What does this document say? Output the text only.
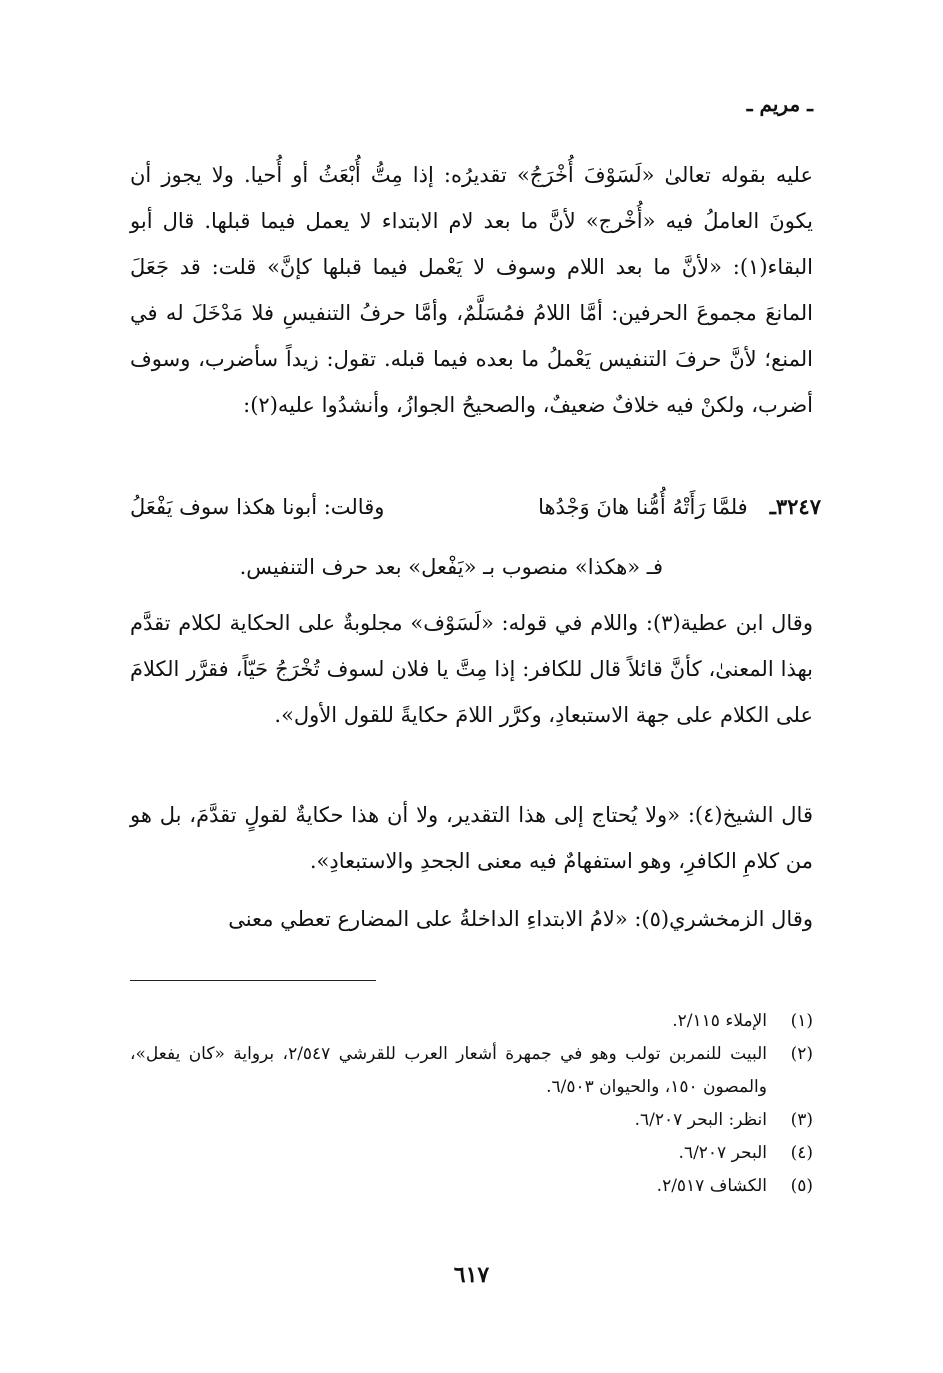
ـ مريم ـ
عليه بقوله تعالىٰ «لَسَوْفَ أُخْرَجُ» تقديرُه: إذا مِتُّ أُبْعَثُ أو أُحيا. ولا يجوز أن يكونَ العاملُ فيه «أُخْرج» لأنَّ ما بعد لام الابتداء لا يعمل فيما قبلها. قال أبو البقاء(١): «لأنَّ ما بعد اللام وسوف لا يَعْمل فيما قبلها كإنَّ» قلت: قد جَعَلَ المانعَ مجموعَ الحرفين: أمَّا اللامُ فمُسَلَّمٌ، وأمَّا حرفُ التنفيسِ فلا مَدْخَلَ له في المنع؛ لأنَّ حرفَ التنفيس يَعْملُ ما بعده فيما قبله. تقول: زيداً سأضرب، وسوف أضرب، ولكنْ فيه خلافٌ ضعيفٌ، والصحيحُ الجوازُ، وأنشدُوا عليه(٢):
٣٢٤٧ـ
فلمَّا رَأَتْهُ أُمُّنا هانَ وَجْدُها
وقالت: أبونا هكذا سوف يَفْعَلُ
فـ «هكذا» منصوب بـ «يَفْعل» بعد حرف التنفيس.
وقال ابن عطية(٣): واللام في قوله: «لَسَوْف» مجلوبةٌ على الحكاية لكلام تقدَّم بهذا المعنىٰ، كأنَّ قائلاً قال للكافر: إذا مِتَّ يا فلان لسوف تُخْرَجُ حَيّاً، فقرَّر الكلامَ على الكلام على جهة الاستبعادِ، وكرَّر اللامَ حكايةً للقول الأول».
قال الشيخ(٤): «ولا يُحتاج إلى هذا التقدير، ولا أن هذا حكايةٌ لقولٍ تقدَّمَ، بل هو من كلامِ الكافرِ، وهو استفهامٌ فيه معنى الجحدِ والاستبعادِ».
وقال الزمخشري(٥): «لامُ الابتداءِ الداخلةُ على المضارع تعطي معنى
(١)
الإملاء ٢/١١٥.
(٢)
البيت للنمربن تولب وهو في جمهرة أشعار العرب للقرشي ٢/٥٤٧، برواية «كان يفعل»، والمصون ١٥٠، والحيوان ٦/٥٠٣.
(٣)
انظر: البحر ٦/٢٠٧.
(٤)
البحر ٦/٢٠٧.
(٥)
الكشاف ٢/٥١٧.
٦١٧
